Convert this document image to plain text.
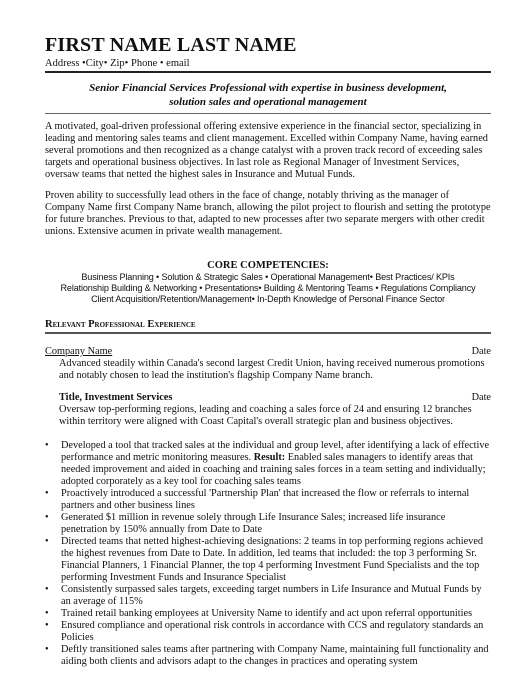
FIRST NAME LAST NAME
Address •City• Zip• Phone • email
Senior Financial Services Professional with expertise in business development,
solution sales and operational management

A motivated, goal-driven professional offering extensive experience in the financial sector, specializing in leading and mentoring sales teams and client management. Excelled within Company Name, having earned several promotions and then recognized as a change catalyst with a proven track record of exceeding sales targets and operational business objectives. In last role as Regional Manager of Investment Services, oversaw teams that netted the highest sales in Insurance and Mutual Funds.

Proven ability to successfully lead others in the face of change, notably thriving as the manager of Company Name first Company Name branch, allowing the pilot project to flourish and setting the prototype for future branches. Previous to that, adapted to new processes after two separate mergers with other credit unions. Extensive acumen in private wealth management.

CORE COMPETENCIES:
Business Planning • Solution & Strategic Sales • Operational Management• Best Practices/ KPIs
Relationship Building & Networking • Presentations• Building & Mentoring Teams • Regulations Compliancy
Client Acquisition/Retention/Management• In-Depth Knowledge of Personal Finance Sector
Relevant Professional Experience
Company Name	Date

Advanced steadily within Canada's second largest Credit Union, having received numerous promotions and notably chosen to lead the institution's flagship Company Name branch.

Title, Investment Services	Date

Oversaw top-performing regions, leading and coaching a sales force of 24 and ensuring 12 branches within territory were aligned with Coast Capital's overall strategic plan and business objectives.

• Developed a tool that tracked sales at the individual and group level, after identifying a lack of effective performance and metric monitoring measures. Result: Enabled sales managers to identify areas that needed improvement and aided in coaching and training sales forces in a team setting and individually; adopted corporately as a key tool for coaching sales teams
• Proactively introduced a successful 'Partnership Plan' that increased the flow or referrals to internal partners and other business lines
• Generated $1 million in revenue solely through Life Insurance Sales; increased life insurance penetration by 150% annually from Date to Date
• Directed teams that netted highest-achieving designations: 2 teams in top performing regions achieved the highest revenues from Date to Date. In addition, led teams that included: the top 3 performing Sr. Financial Planners, 1 Financial Planner, the top 4 performing Investment Fund Specialists and the top performing Investment Funds and Insurance Specialist
• Consistently surpassed sales targets, exceeding target numbers in Life Insurance and Mutual Funds by an average of 115%
• Trained retail banking employees at University Name to identify and act upon referral opportunities
• Ensured compliance and operational risk controls in accordance with CCS and regulatory standards an Policies
• Deftly transitioned sales teams after partnering with Company Name, maintaining full functionality and aiding both clients and advisors adapt to the changes in practices and operating system
